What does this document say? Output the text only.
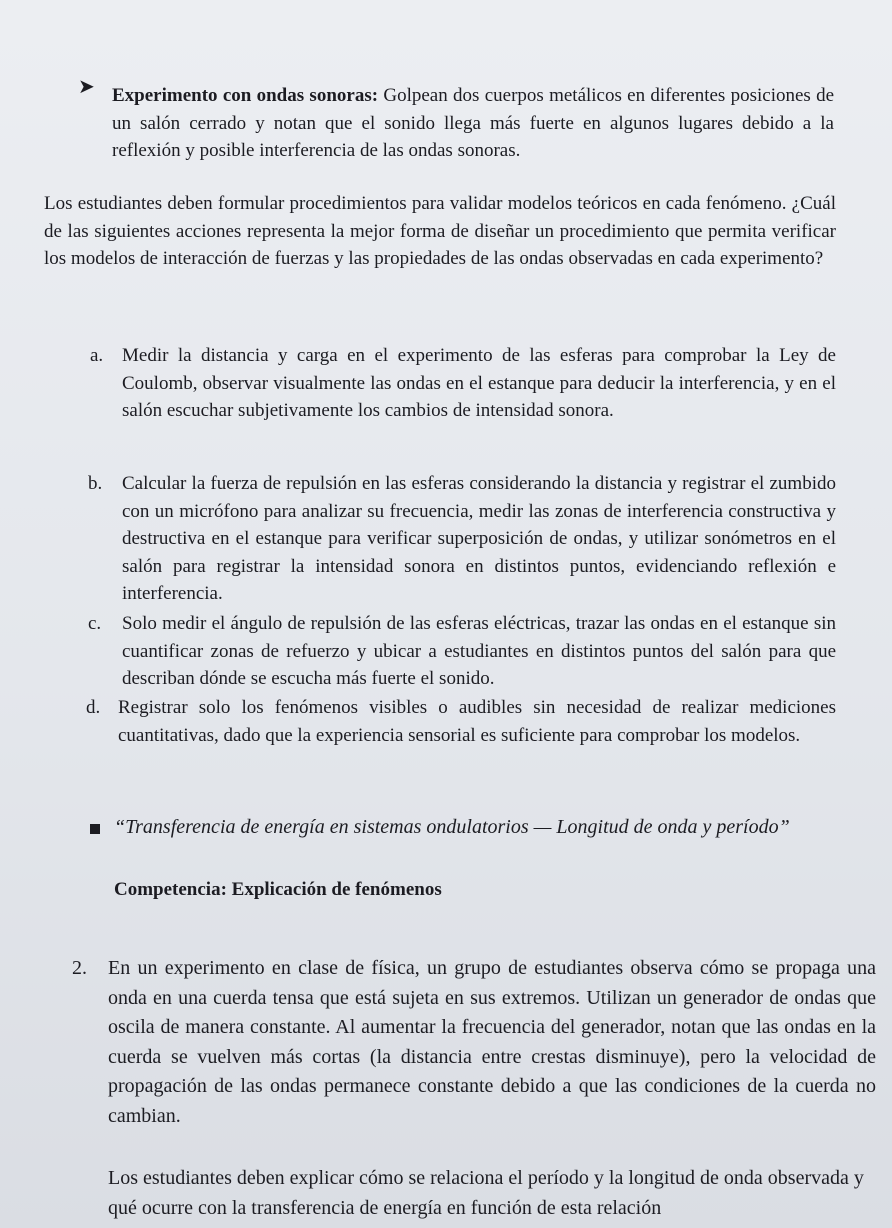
➤ Experimento con ondas sonoras: Golpean dos cuerpos metálicos en diferentes posiciones de un salón cerrado y notan que el sonido llega más fuerte en algunos lugares debido a la reflexión y posible interferencia de las ondas sonoras.
Los estudiantes deben formular procedimientos para validar modelos teóricos en cada fenómeno. ¿Cuál de las siguientes acciones representa la mejor forma de diseñar un procedimiento que permita verificar los modelos de interacción de fuerzas y las propiedades de las ondas observadas en cada experimento?
a. Medir la distancia y carga en el experimento de las esferas para comprobar la Ley de Coulomb, observar visualmente las ondas en el estanque para deducir la interferencia, y en el salón escuchar subjetivamente los cambios de intensidad sonora.
b. Calcular la fuerza de repulsión en las esferas considerando la distancia y registrar el zumbido con un micrófono para analizar su frecuencia, medir las zonas de interferencia constructiva y destructiva en el estanque para verificar superposición de ondas, y utilizar sonómetros en el salón para registrar la intensidad sonora en distintos puntos, evidenciando reflexión e interferencia.
c. Solo medir el ángulo de repulsión de las esferas eléctricas, trazar las ondas en el estanque sin cuantificar zonas de refuerzo y ubicar a estudiantes en distintos puntos del salón para que describan dónde se escucha más fuerte el sonido.
d. Registrar solo los fenómenos visibles o audibles sin necesidad de realizar mediciones cuantitativas, dado que la experiencia sensorial es suficiente para comprobar los modelos.
“Transferencia de energía en sistemas ondulatorios — Longitud de onda y período”
Competencia: Explicación de fenómenos
2. En un experimento en clase de física, un grupo de estudiantes observa cómo se propaga una onda en una cuerda tensa que está sujeta en sus extremos. Utilizan un generador de ondas que oscila de manera constante. Al aumentar la frecuencia del generador, notan que las ondas en la cuerda se vuelven más cortas (la distancia entre crestas disminuye), pero la velocidad de propagación de las ondas permanece constante debido a que las condiciones de la cuerda no cambian.
Los estudiantes deben explicar cómo se relaciona el período y la longitud de onda observada y qué ocurre con la transferencia de energía en función de esta relación
